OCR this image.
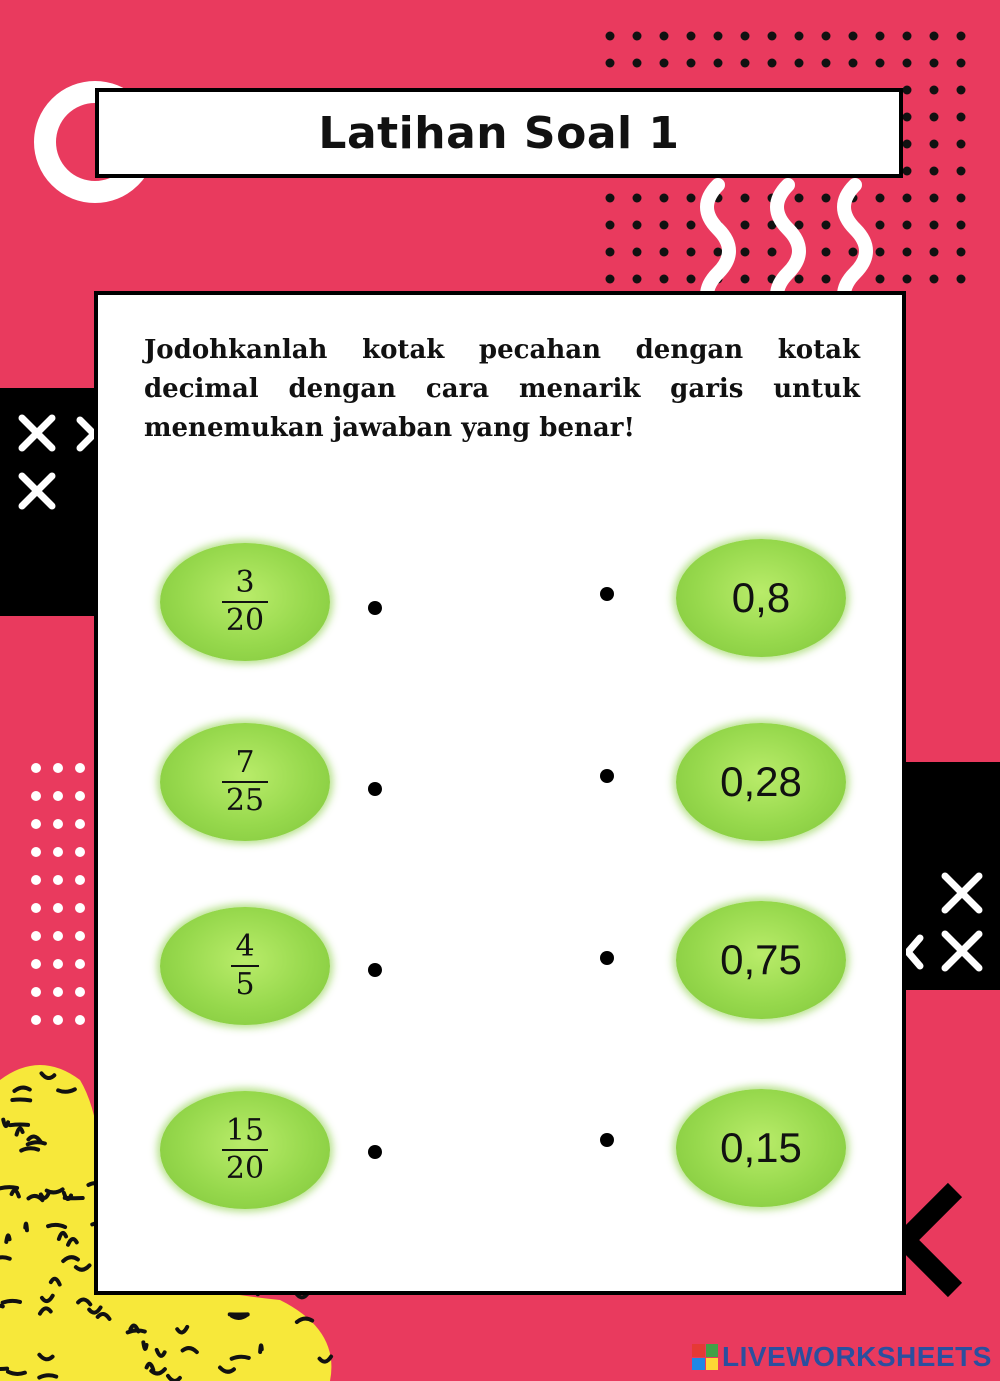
Latihan Soal 1
Jodohkanlah kotak pecahan dengan kotak decimal dengan cara menarik garis untuk menemukan jawaban yang benar!
$\frac{3}{20}$
$\frac{7}{25}$
$\frac{4}{5}$
$\frac{15}{20}$
0,8
0,28
0,75
0,15
LIVEWORKSHEETS
